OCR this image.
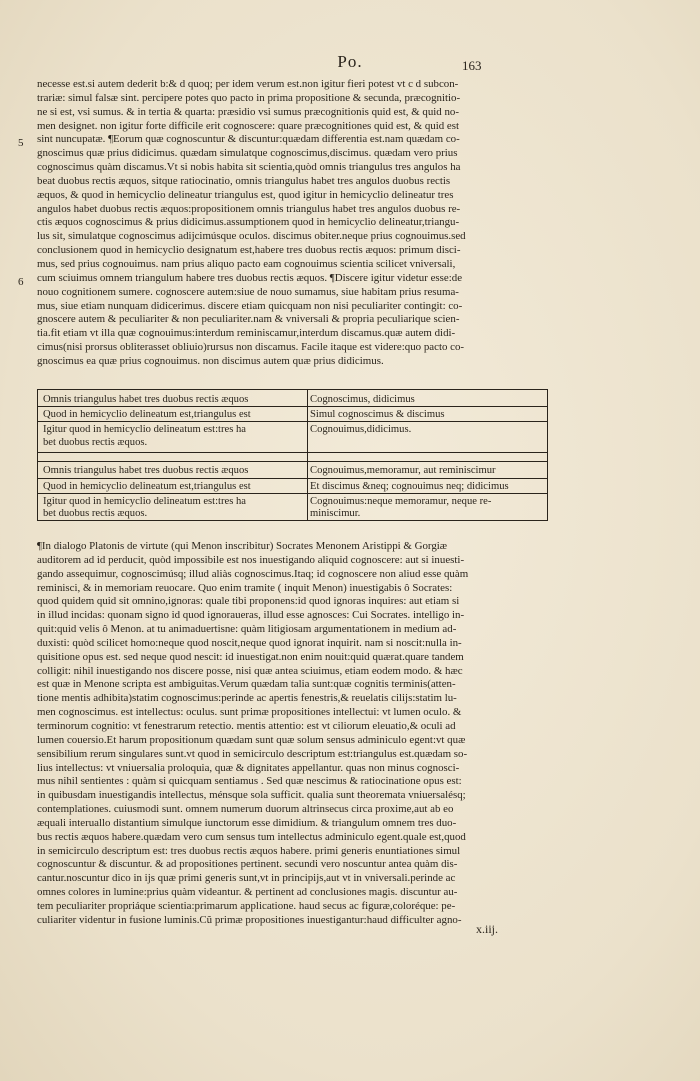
Po.	163
5
6
necesse est.si autem dederit b:& d quoq; per idem verum est.non igitur fieri potest vt c d subcon-
trariæ: simul falsæ sint. percipere potes quo pacto in prima propositione & secunda, præcognitio-
ne si est, vsi sumus. & in tertia & quarta: præsidio vsi sumus præcognitionis quid est, & quid no-
men designet. non igitur forte difficile erit cognoscere: quare præcognitiones quid est, & quid est
sint nuncupatæ. ¶Eorum quæ cognoscuntur & discuntur:quædam differentia est.nam quædam co-
gnoscimus quæ prius didicimus. quædam simulatque cognoscimus,discimus. quædam vero prius
cognoscimus quàm discamus.Vt si nobis habita sit scientia,quòd omnis triangulus tres angulos ha
beat duobus rectis æquos, sitque ratiocinatio, omnis triangulus habet tres angulos duobus rectis
æquos, & quod in hemicyclio delineatur triangulus est, quod igitur in hemicyclio delineatur tres
angulos habet duobus rectis æquos:propositionem omnis triangulus habet tres angulos duobus re-
ctis æquos cognoscimus & prius didicimus.assumptionem quod in hemicyclio delineatur,triangu-
lus sit, simulatque cognoscimus adijcimúsque oculos. discimus obiter.neque prius cognouimus.sed
conclusionem quod in hemicyclio designatum est,habere tres duobus rectis æquos: primum disci-
mus, sed prius cognouimus. nam prius aliquo pacto eam cognouimus scientia scilicet vniversali,
cum sciuimus omnem triangulum habere tres duobus rectis æquos. ¶Discere igitur videtur esse:de
nouo cognitionem sumere. cognoscere autem:siue de nouo sumamus, siue habitam prius resuma-
mus, siue etiam nunquam didicerimus. discere etiam quicquam non nisi peculiariter contingit: co-
gnoscere autem & peculiariter & non peculiariter.nam & vniversali & propria peculiarique scien-
tia.fit etiam vt illa quæ cognouimus:interdum reminiscamur,interdum discamus.quæ autem didi-
cimus(nisi prorsus obliterasset obliuio)rursus non discamus. Facile itaque est videre:quo pacto co-
gnoscimus ea quæ prius cognouimus. non discimus autem quæ prius didicimus.
Omnis triangulus habet tres duobus rectis æquos	Cognoscimus, didicimus
Quod in hemicyclio delineatum est,triangulus est	Simul cognoscimus & discimus
Igitur quod in hemicyclio delineatum est:tres ha	Cognouimus,didicimus.
bet duobus rectis æquos.
Omnis triangulus habet tres duobus rectis æquos	Cognouimus,memoramur, aut reminiscimur
Quod in hemicyclio delineatum est,triangulus est	Et discimus &neq; cognouimus neq; didicimus
Igitur quod in hemicyclio delineatum est:tres ha	Cognouimus:neque memoramur, neque re-
bet duobus rectis æquos.	miniscimur.
¶In dialogo Platonis de virtute (qui Menon inscribitur) Socrates Menonem Aristippi & Gorgiæ
auditorem ad id perducit, quòd impossibile est nos inuestigando aliquid cognoscere: aut si inuesti-
gando assequimur, cognoscimúsq; illud aliàs cognoscimus.Itaq; id cognoscere non aliud esse quàm
reminisci, & in memoriam reuocare. Quo enim tramite ( inquit Menon) inuestigabis ô Socrates:
quod quidem quid sit omnino,ignoras: quale tibi proponens:id quod ignoras inquires: aut etiam si
in illud incidas: quonam signo id quod ignoraueras, illud esse agnosces: Cui Socrates. intelligo in-
quit:quid velis ô Menon. at tu animaduertisne: quàm litigiosam argumentationem in medium ad-
duxisti: quòd scilicet homo:neque quod noscit,neque quod ignorat inquirit. nam si noscit:nulla in-
quisitione opus est. sed neque quod nescit: id inuestigat.non enim nouit:quid quærat.quare tandem
colligit: nihil inuestigando nos discere posse, nisi quæ antea sciuimus, etiam eodem modo. & hæc
est quæ in Menone scripta est ambiguitas.Verum quædam talia sunt:quæ cognitis terminis(atten-
tione mentis adhibita)statim cognoscimus:perinde ac apertis fenestris,& reuelatis cilijs:statim lu-
men cognoscimus. est intellectus: oculus. sunt primæ propositiones intellectui: vt lumen oculo. &
terminorum cognitio: vt fenestrarum retectio. mentis attentio: est vt ciliorum eleuatio,& oculi ad
lumen couersio.Et harum propositionum quædam sunt quæ solum sensus adminiculo egent:vt quæ
sensibilium rerum singulares sunt.vt quod in semicirculo descriptum est:triangulus est.quædam so-
lius intellectus: vt vniuersalia proloquia, quæ & dignitates appellantur. quas non minus cognosci-
mus nihil sentientes : quàm si quicquam sentiamus . Sed quæ nescimus & ratiocinatione opus est:
in quibusdam inuestigandis intellectus, ménsque sola sufficit. qualia sunt theoremata vniuersalésq;
contemplationes. cuiusmodi sunt. omnem numerum duorum altrinsecus circa proxime,aut ab eo
æquali interuallo distantium simulque iunctorum esse dimidium. & triangulum omnem tres duo-
bus rectis æquos habere.quædam vero cum sensus tum intellectus adminiculo egent.quale est,quod
in semicirculo descriptum est: tres duobus rectis æquos habere. primi generis enuntiationes simul
cognoscuntur & discuntur. & ad propositiones pertinent. secundi vero noscuntur antea quàm dis-
cantur.noscuntur dico in ijs quæ primi generis sunt,vt in principijs,aut vt in vniversali.perinde ac
omnes colores in lumine:prius quàm videantur. & pertinent ad conclusiones magis. discuntur au-
tem peculiariter propriáque scientia:primarum applicatione. haud secus ac figuræ,coloréque: pe-
culiariter videntur in fusione luminis.Cũ primæ propositiones inuestigantur:haud difficulter agno-
x.iij.
